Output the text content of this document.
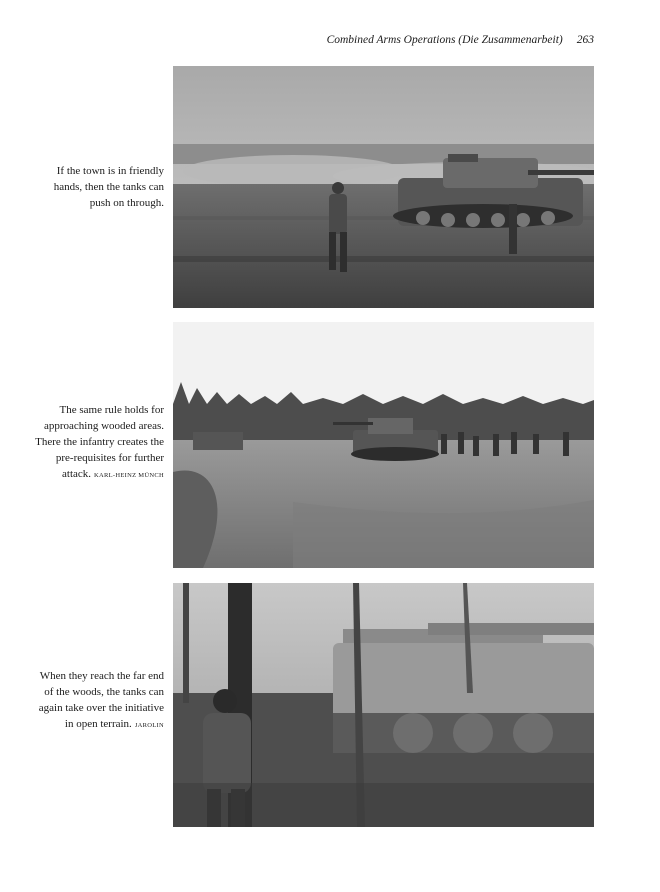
Combined Arms Operations (Die Zusammenarbeit) 263
If the town is in friendly hands, then the tanks can push on through.
The same rule holds for approaching wooded areas. There the infantry creates the pre-requisites for further attack. KARL-HEINZ MÜNCH
When they reach the far end of the woods, the tanks can again take over the initiative in open terrain. JAROLIN
